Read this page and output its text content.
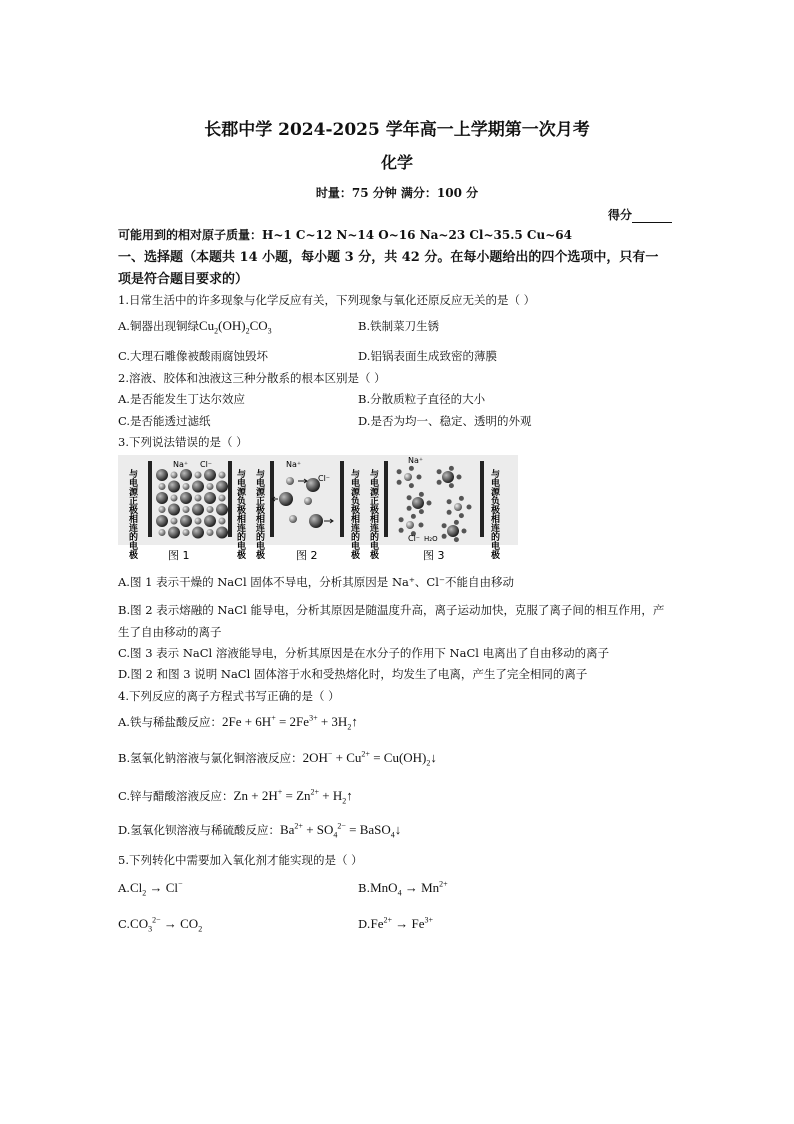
长郡中学 2024-2025 学年高一上学期第一次月考
化学
时量：75 分钟 满分：100 分
得分
可能用到的相对原子质量：H~1 C~12 N~14 O~16 Na~23 Cl~35.5 Cu~64
一、选择题（本题共 14 小题，每小题 3 分，共 42 分。在每小题给出的四个选项中，只有一
项是符合题目要求的）
1.日常生活中的许多现象与化学反应有关，下列现象与氧化还原反应无关的是（ ）
A.铜器出现铜绿$Cu_2(OH)_2CO_3$	B.铁制菜刀生锈
C.大理石雕像被酸雨腐蚀毁坏	D.铝锅表面生成致密的薄膜
2.溶液、胶体和浊液这三种分散系的根本区别是（ ）
A.是否能发生丁达尔效应	B.分散质粒子直径的大小
C.是否能透过滤纸	D.是否为均一、稳定、透明的外观
3.下列说法错误的是（ ）
与电源正极相连的电极
Na⁺ Cl⁻
与电源负极相连的电极 与电源正极相连的电极
Na⁺
Cl⁻ 与电源负极相连的电极 与电源正极相连的电极
Na⁺
Cl⁻ H₂O	与电源负极相连的电极
图 1	图 2	图 3
A.图 1 表示干燥的 NaCl 固体不导电，分析其原因是 Na⁺、Cl⁻不能自由移动
B.图 2 表示熔融的 NaCl 能导电，分析其原因是随温度升高，离子运动加快，克服了离子间的相互作用，产
生了自由移动的离子
C.图 3 表示 NaCl 溶液能导电，分析其原因是在水分子的作用下 NaCl 电离出了自由移动的离子
D.图 2 和图 3 说明 NaCl 固体溶于水和受热熔化时，均发生了电离，产生了完全相同的离子
4.下列反应的离子方程式书写正确的是（ ）
A.铁与稀盐酸反应：$2Fe + 6H^+ = 2Fe^{3+}$ + $3H_2↑$
B.氢氧化钠溶液与氯化铜溶液反应：$2OH^- + Cu^{2+}$ = $Cu(OH)_2↓$
C.锌与醋酸溶液反应：$Zn + 2H^+ = Zn^{2+}$ + $H_2↑$
D.氢氧化钡溶液与稀硫酸反应：$Ba^{2+} + SO_4^{2-}$ = BaSO$_4$↓
5.下列转化中需要加入氧化剂才能实现的是（ ）
$A.Cl_2 \to Cl^-$	$B.MnO_4 \to Mn^{2+}$
$C.CO_3^{2-} \to CO_2$	$D.Fe^{2+} \to Fe^{3+}$
